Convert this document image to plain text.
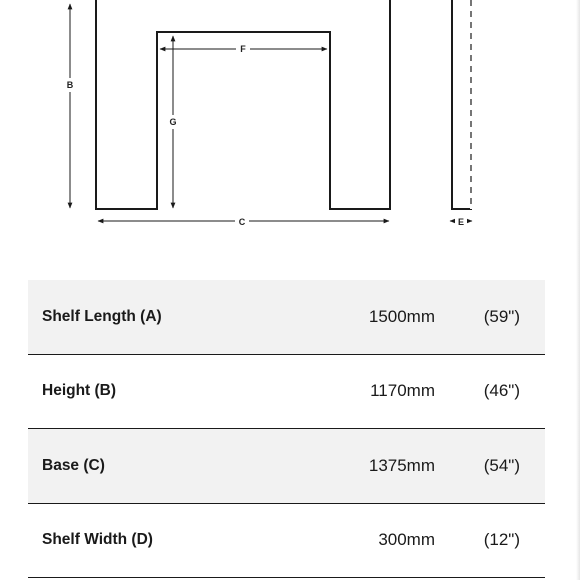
B
F
G
C	E
Shelf Length (A)	1500mm	(59")
Height (B)	1170mm	(46")
Base (C)	1375mm	(54")
Shelf Width (D)	300mm	(12")
